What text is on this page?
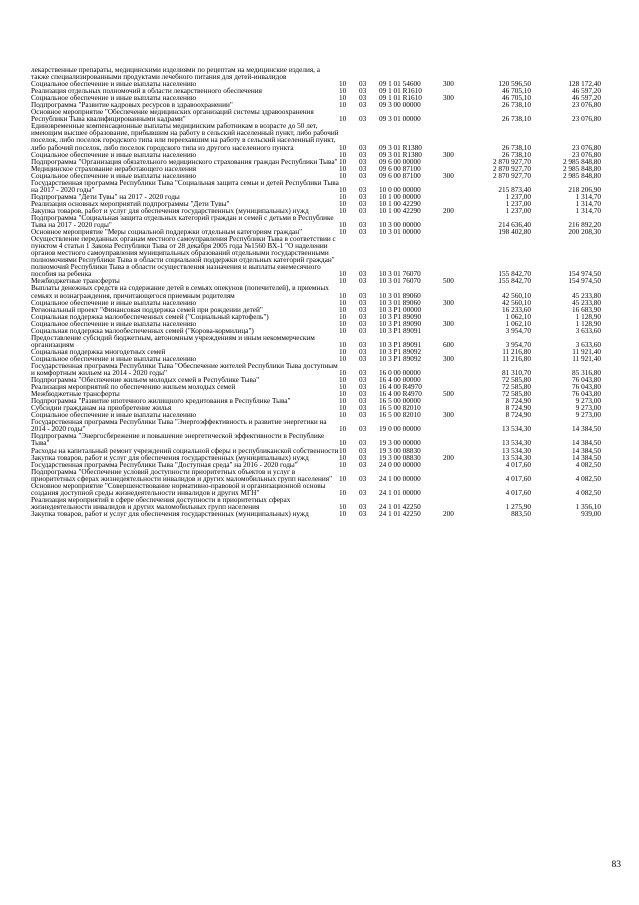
лекарственные препараты, медицинскими изделиями по рецептам на медицинские изделия, а также специализированными продуктами лечебного питания для детей-инвалидов
Социальное обеспечение и иные выплаты населению	10	03	09 1 01 54600	300	120 596,50	128 172,40
Реализация отдельных полномочий в области лекарственного обеспечения	10	03	09 1 01 R1610	46 705,10	46 597,20
Социальное обеспечение и иные выплаты населению	10	03	09 1 01 R1610	300	46 705,10	46 597,20
Подпрограмма "Развитие кадровых ресурсов в здравоохранении"	10	03	09 3 00 00000	26 738,10	23 076,80
Основное мероприятие "Обеспечение медицинских организаций системы здравоохранения Республики Тыва квалифицированными кадрами"	10	03	09 3 01 00000	26 738,10	23 076,80
Единовременные компенсационные выплаты медицинским работникам в возрасте до 50 лет, имеющим высшее образование, прибывшим на работу в сельский населенный пункт, либо рабочий поселок, либо поселок городского типа или переехавшим на работу в сельский населенный пункт, либо рабочий поселок, либо поселок городского типа из другого населенного пункта	10	03	09 3 01 R1380	26 738,10	23 076,80
Социальное обеспечение и иные выплаты населению	10	03	09 3 01 R1380	300	26 738,10	23 076,80
Подпрограмма "Организация обязательного медицинского страхования граждан Республики Тыва" 10	03	09 6 00 00000	2 870 927,70	2 985 848,80
Медицинское страхование неработающего населения	10	03	09 6 00 87100	2 870 927,70	2 985 848,80
Социальное обеспечение и иные выплаты населению	10	03	09 6 00 87100	300	2 870 927,70	2 985 848,80
Государственная программа Республики Тыва "Социальная защита семьи и детей Республики Тыва на 2017 - 2020 годы"	10	03	10 0 00 00000	215 873,40	218 206,90
Подпрограмма "Дети Тувы" на 2017 - 2020 годы	10	03	10 1 00 00000	1 237,00	1 314,70
Реализация основных мероприятий подпрограммы "Дети Тувы"	10	03	10 1 00 42290	1 237,00	1 314,70
Закупка товаров, работ и услуг для обеспечения государственных (муниципальных) нужд	10	03	10 1 00 42290	200	1 237,00	1 314,70
Подпрограмма "Социальная защита отдельных категорий граждан и семей с детьми в Республике Тыва на 2017 - 2020 годы"	10	03	10 3 00 00000	214 636,40	216 892,20
Основное мероприятие "Меры социальной поддержки отдельным категориям граждан"	10	03	10 3 01 00000	198 402,80	200 208,30
Осуществление переданных органам местного самоуправления Республики Тыва в соответствии с пунктом 4 статьи 1 Закона Республики Тыва от 28 декабря 2005 года №1560 ВХ-1 "О наделении органов местного самоуправления муниципальных образований отдельными государственными полномочиями Республики Тыва в области социальной поддержки отдельных категорий граждан" полномочий Республики Тыва в области осуществления назначения и выплаты ежемесячного пособия на ребенка	10	03	10 3 01 76070	155 842,70	154 974,50
Межбюджетные трансферты	10	03	10 3 01 76070	500	155 842,70	154 974,50
Выплаты денежных средств на содержание детей в семьях опекунов (попечителей), в приемных семьях и вознаграждения, причитающегося приемным родителям	10	03	10 3 01 89060	42 560,10	45 233,80
Социальное обеспечение и иные выплаты населению	10	03	10 3 01 89060	300	42 560,10	45 233,80
Региональный проект "Финансовая поддержка семей при рождении детей"	10	03	10 3 P1 00000	16 233,60	16 683,90
Социальная поддержка малообеспеченных семей ("Социальный картофель")	10	03	10 3 P1 89090	1 062,10	1 128,90
Социальное обеспечение и иные выплаты населению	10	03	10 3 P1 89090	300	1 062,10	1 128,90
Социальная поддержка малообеспеченных семей ("Корова-кормилица")	10	03	10 3 P1 89091	3 954,70	3 633,60
Предоставление субсидий бюджетным, автономным учреждениям и иным некоммерческим организациям	10	03	10 3 P1 89091	600	3 954,70	3 633,60
Социальная поддержка многодетных семей	10	03	10 3 P1 89092	11 216,80	11 921,40
Социальное обеспечение и иные выплаты населению	10	03	10 3 P1 89092	300	11 216,80	11 921,40
Государственная программа Республики Тыва "Обеспечение жителей Республики Тыва доступным и комфортным жильем на 2014 - 2020 годы"	10	03	16 0 00 00000	81 310,70	85 316,80
Подпрограмма "Обеспечение жильем молодых семей в Республике Тыва"	10	03	16 4 00 00000	72 585,80	76 043,80
Реализация мероприятий по обеспечению жильем молодых семей	10	03	16 4 00 R4970	72 585,80	76 043,80
Межбюджетные трансферты	10	03	16 4 00 R4970	500	72 585,80	76 043,80
Подпрограмма "Развитие ипотечного жилищного кредитования в Республике Тыва"	10	03	16 5 00 00000	8 724,90	9 273,00
Субсидии гражданам на приобретение жилья	10	03	16 5 00 82010	8 724,90	9 273,00
Социальное обеспечение и иные выплаты населению	10	03	16 5 00 82010	300	8 724,90	9 273,00
Государственная программа Республики Тыва "Энергоэффективность и развитие энергетики на 2014 - 2020 годы"	10	03	19 0 00 00000	13 534,30	14 384,50
Подпрограмма "Энергосбережение и повышение энергетической эффективности в Республике Тыва"	10	03	19 3 00 00000	13 534,30	14 384,50
Расходы на капитальный ремонт учреждений социальной сферы и республиканской собственности 10	03	19 3 00 08830	13 534,30	14 384,50
Закупка товаров, работ и услуг для обеспечения государственных (муниципальных) нужд	10	03	19 3 00 08830	200	13 534,30	14 384,50
Государственная программа Республики Тыва "Доступная среда" на 2016 - 2020 годы"	10	03	24 0 00 00000	4 017,60	4 082,50
Подпрограмма "Обеспечение условий доступности приоритетных объектов и услуг в приоритетных сферах жизнедеятельности инвалидов и других маломобильных групп населения" 10	03	24 1 00 00000	4 017,60	4 082,50
Основное мероприятие "Совершенствование нормативно-правовой и организационной основы создания доступной среды жизнедеятельности инвалидов и других МГН"	10	03	24 1 01 00000	4 017,60	4 082,50
Реализация мероприятий в сфере обеспечения доступности в приоритетных сферах жизнедеятельности инвалидов и других маломобильных групп населения	10	03	24 1 01 42250	1 275,90	1 356,10
Закупка товаров, работ и услуг для обеспечения государственных (муниципальных) нужд	10	03	24 1 01 42250	200	883,50	939,00
83
